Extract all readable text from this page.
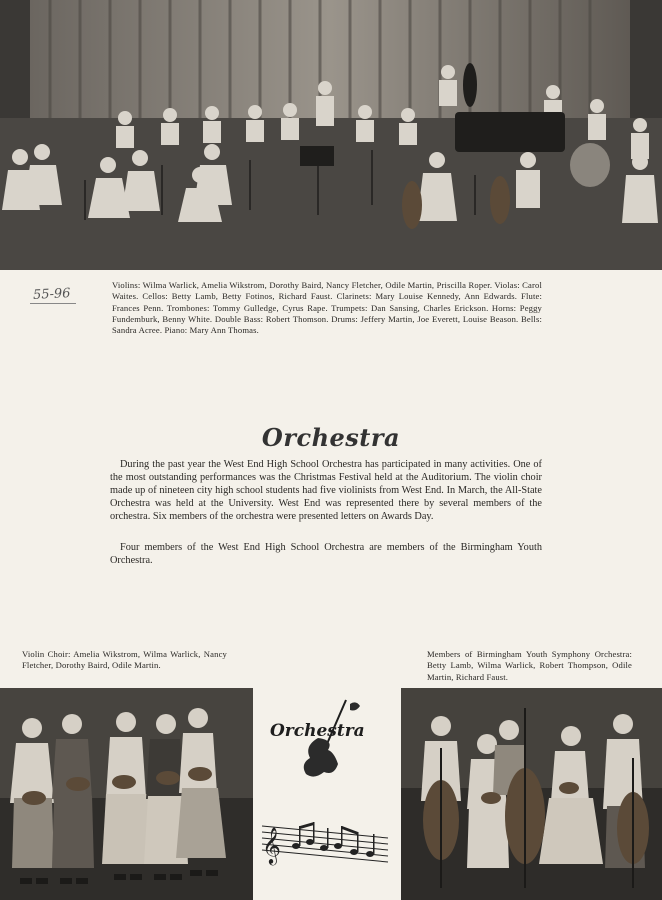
Violins: Wilma Warlick, Amelia Wikstrom, Dorothy Baird, Nancy Fletcher, Odile Martin, Priscilla Roper. Violas: Carol Waites. Cellos: Betty Lamb, Betty Fotinos, Richard Faust. Clarinets: Mary Louise Kennedy, Ann Edwards. Flute: Frances Penn. Trombones: Tommy Gulledge, Cyrus Rape. Trumpets: Dan Sansing, Charles Erickson. Horns: Peggy Fundemburk, Benny White. Double Bass: Robert Thomson. Drums: Jeffery Martin, Joe Everett, Louise Beason. Bells: Sandra Acree. Piano: Mary Ann Thomas.

55-96
Orchestra

During the past year the West End High School Orchestra has participated in many activities. One of the most outstanding performances was the Christmas Festival held at the Auditorium. The violin choir made up of nineteen city high school students had five violinists from West End. In March, the All-State Orchestra was held at the University. West End was represented there by several members of the orchestra. Six members of the orchestra were presented letters on Awards Day.

Four members of the West End High School Orchestra are members of the Birmingham Youth Orchestra.

Violin Choir: Amelia Wikstrom, Wilma Warlick, Nancy Fletcher, Dorothy Baird, Odile Martin.

Members of Birmingham Youth Symphony Orchestra: Betty Lamb, Wilma Warlick, Robert Thompson, Odile Martin, Richard Faust.

Orchestra
𝄞
